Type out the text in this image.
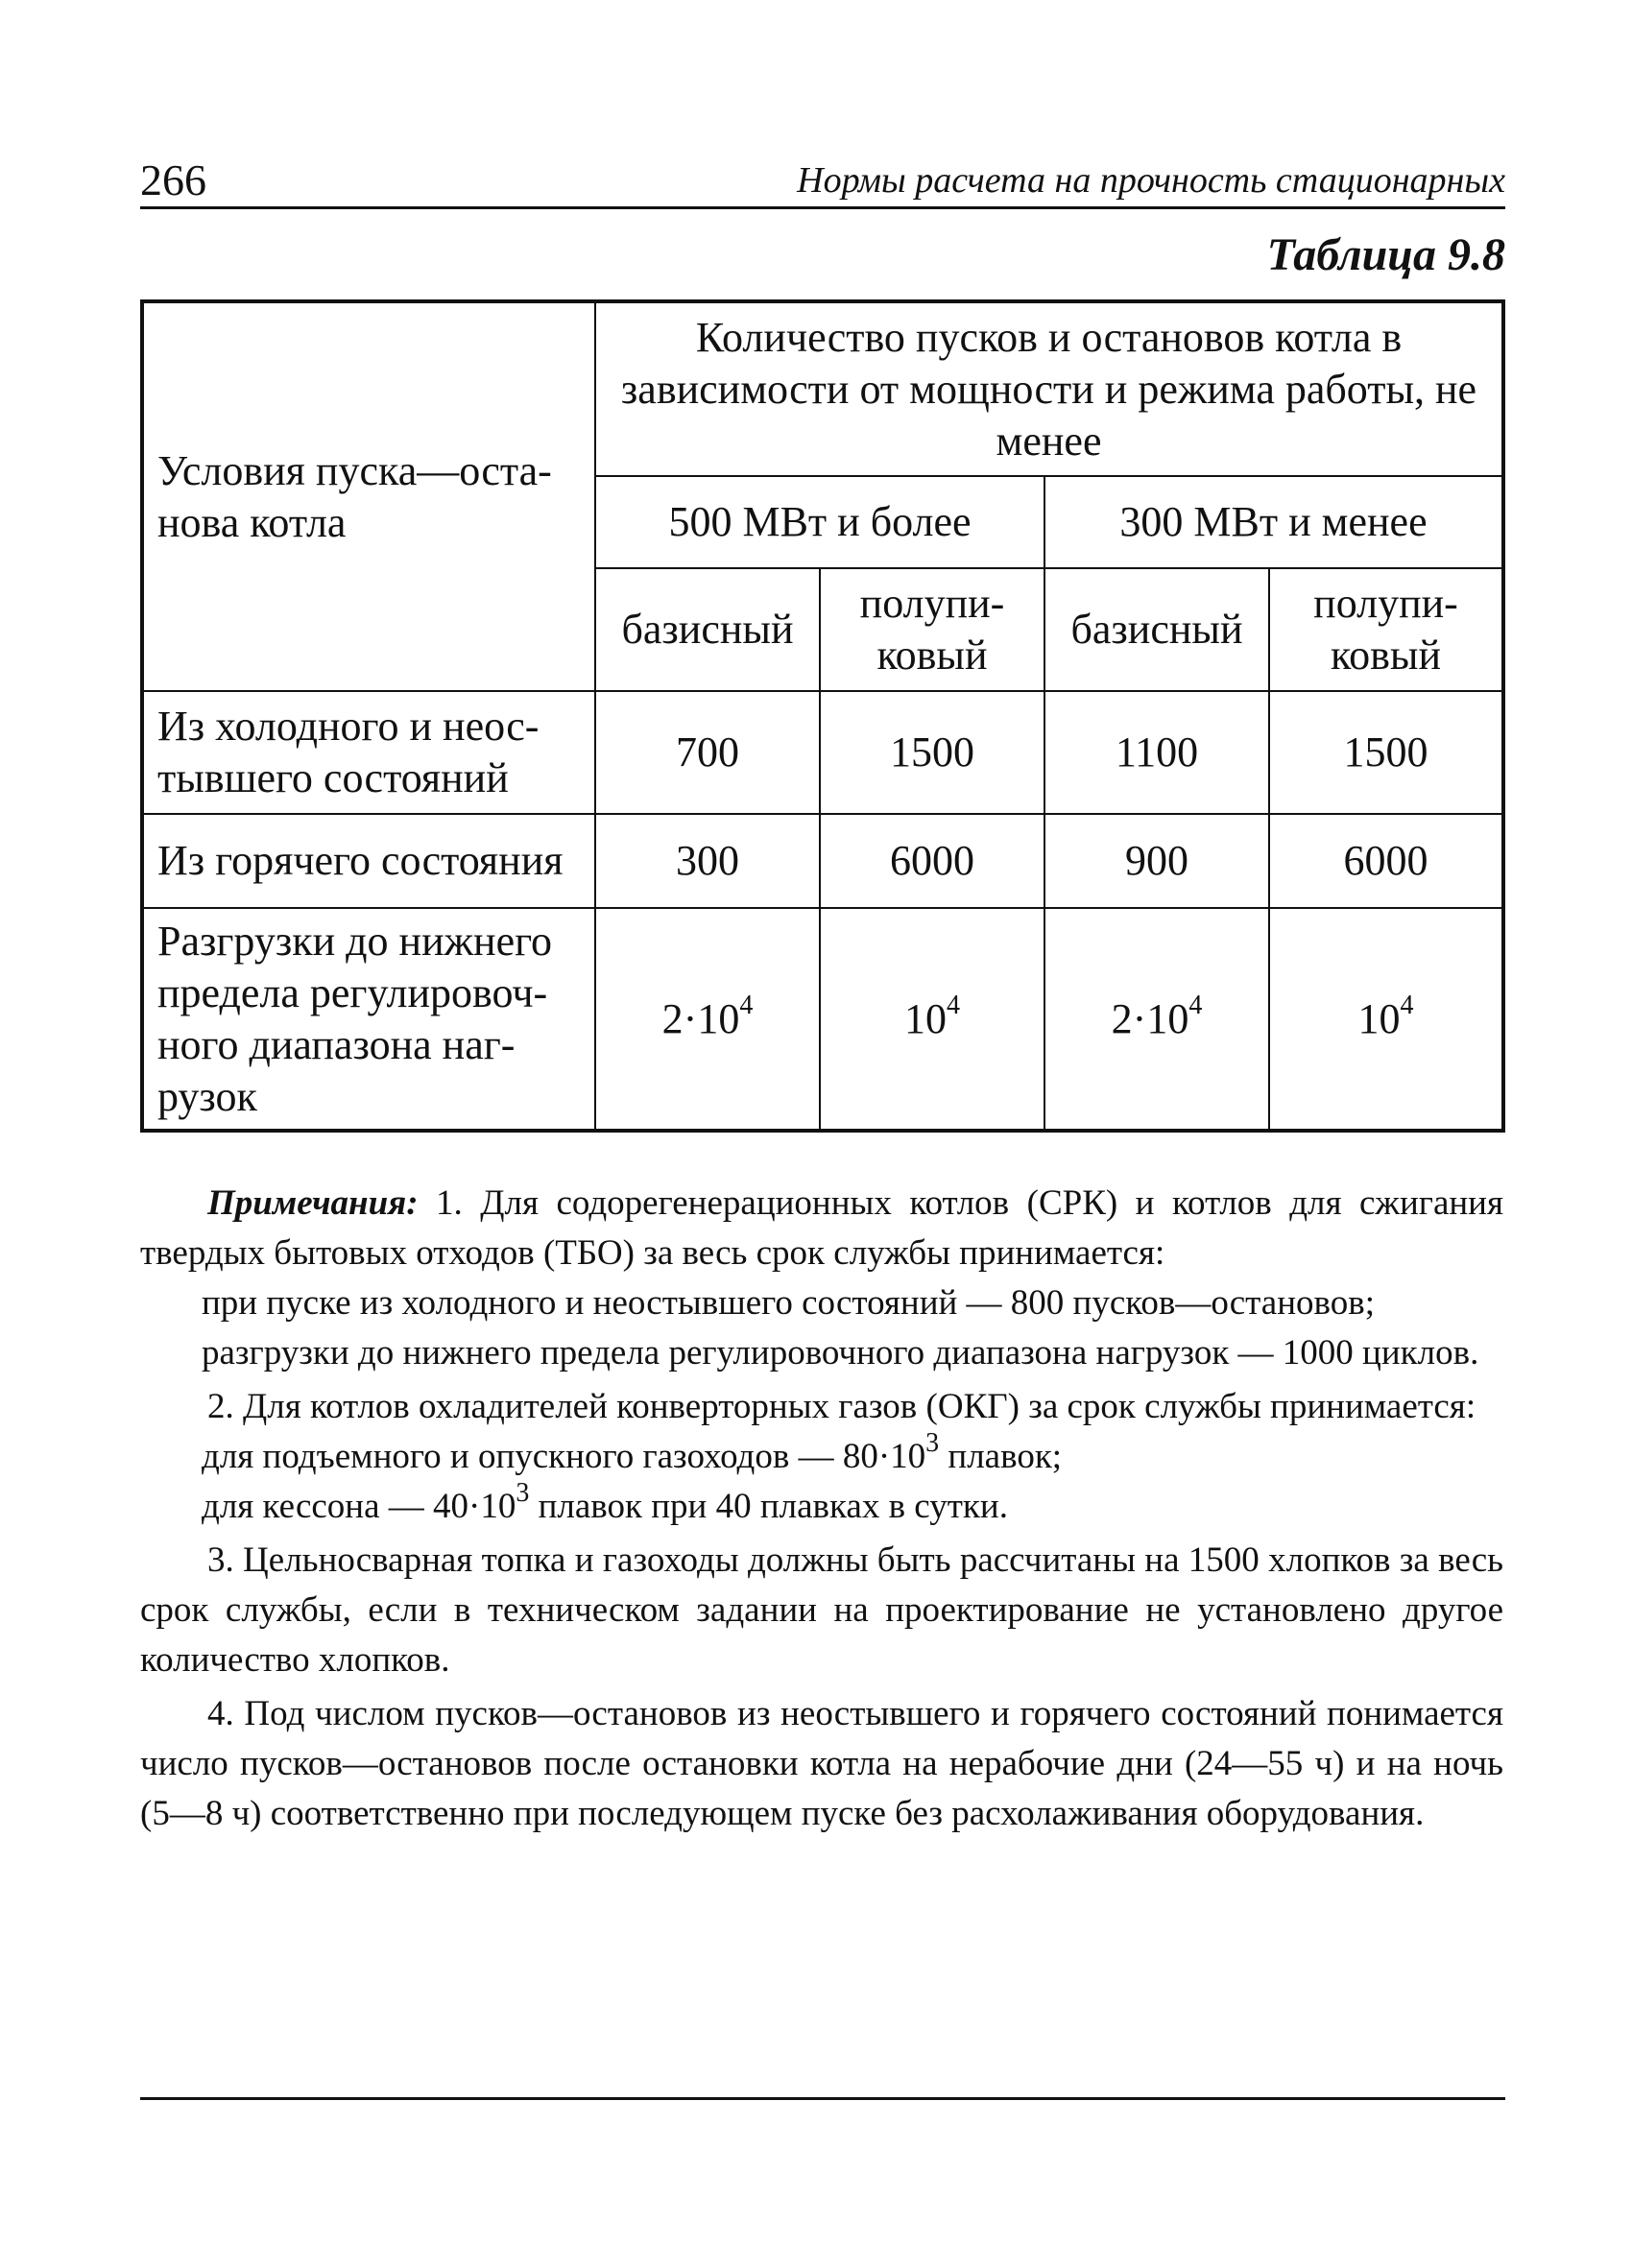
266	Нормы расчета на прочность стационарных
Таблица 9.8
Условия пуска—оста-нова котла	Количество пусков и остановов котла в зависимости от мощности и режима работы, не менее			
	500 МВт и более		300 МВт и менее	
	базисный	полупи-ковый	базисный	полупи-ковый
Из холодного и неос-тывшего состояний	700	1500	1100	1500
Из горячего состояния	300	6000	900	6000
Разгрузки до нижнего предела регулировоч-ного диапазона наг-рузок	$2\cdot 10^4$	$10^4$	$2\cdot 10^4$	$10^4$

Примечания: 1. Для содорегенерационных котлов (СРК) и котлов для сжигания твердых бытовых отходов (ТБО) за весь срок службы принимается:

при пуске из холодного и неостывшего состояний — 800 пусков—остановов;

разгрузки до нижнего предела регулировочного диапазона нагрузок — 1000 циклов.

2. Для котлов охладителей конверторных газов (ОКГ) за срок службы принимается:

для подъемного и опускного газоходов — $80\cdot 10^3$ плавок;

для кессона — $40\cdot 10^3$ плавок при 40 плавках в сутки.

3. Цельносварная топка и газоходы должны быть рассчитаны на 1500 хлопков за весь срок службы, если в техническом задании на проектирование не установлено другое количество хлопков.

4. Под числом пусков—остановов из неостывшего и горячего состояний понимается число пусков—остановов после остановки котла на нерабочие дни (24—55 ч) и на ночь (5—8 ч) соответственно при последующем пуске без расхолаживания оборудования.
